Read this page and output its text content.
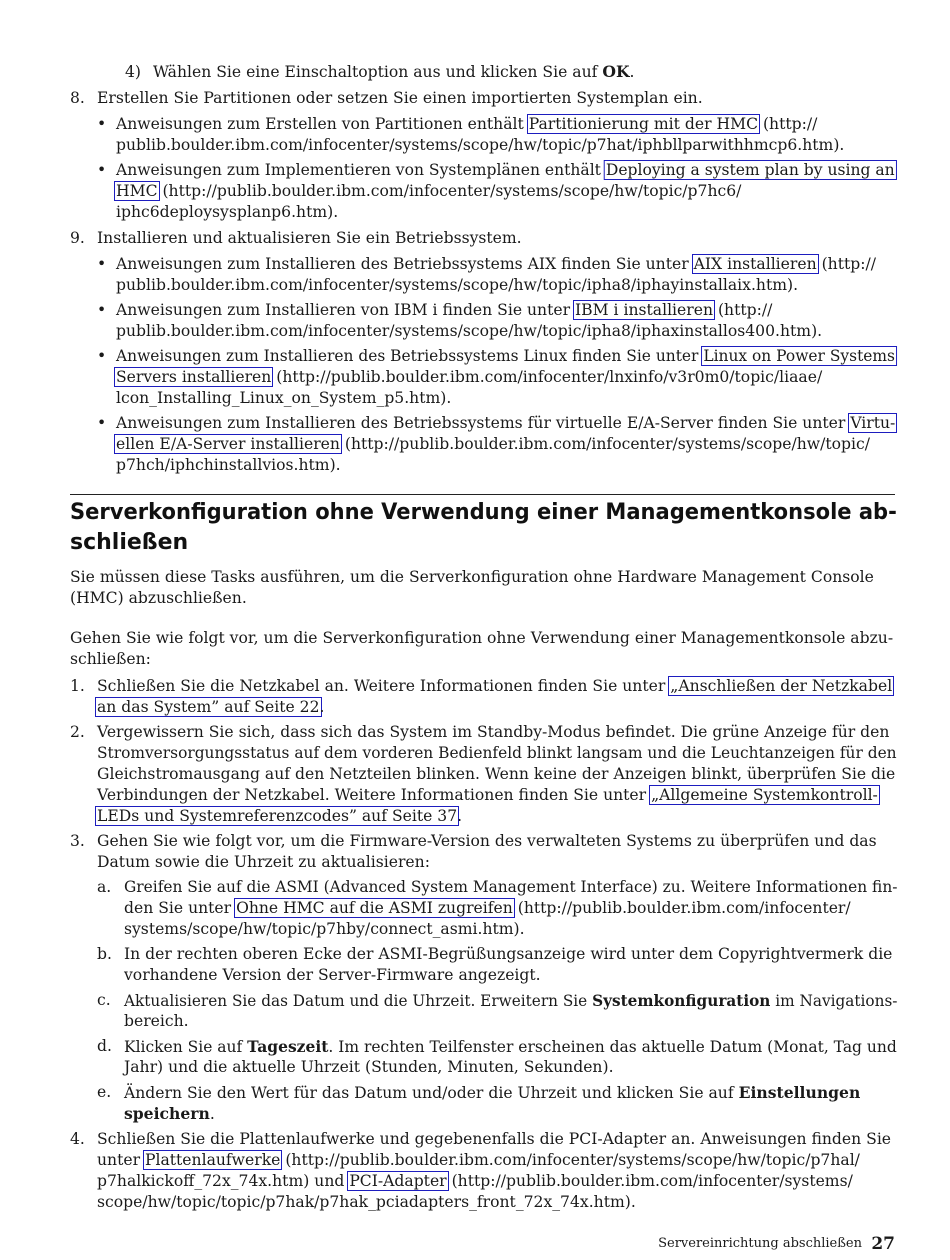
4) Wählen Sie eine Einschaltoption aus und klicken Sie auf OK.
8. Erstellen Sie Partitionen oder setzen Sie einen importierten Systemplan ein.
• Anweisungen zum Erstellen von Partitionen enthält Partitionierung mit der HMC (http://
publib.boulder.ibm.com/infocenter/systems/scope/hw/topic/p7hat/iphbllparwithhmcp6.htm).
• Anweisungen zum Implementieren von Systemplänen enthält Deploying a system plan by using an
HMC (http://publib.boulder.ibm.com/infocenter/systems/scope/hw/topic/p7hc6/
iphc6deploysysplanp6.htm).
9. Installieren und aktualisieren Sie ein Betriebssystem.
• Anweisungen zum Installieren des Betriebssystems AIX finden Sie unter AIX installieren (http://
publib.boulder.ibm.com/infocenter/systems/scope/hw/topic/ipha8/iphayinstallaix.htm).
• Anweisungen zum Installieren von IBM i finden Sie unter IBM i installieren (http://
publib.boulder.ibm.com/infocenter/systems/scope/hw/topic/ipha8/iphaxinstallos400.htm).
• Anweisungen zum Installieren des Betriebssystems Linux finden Sie unter Linux on Power Systems
Servers installieren (http://publib.boulder.ibm.com/infocenter/lnxinfo/v3r0m0/topic/liaae/
lcon_Installing_Linux_on_System_p5.htm).
• Anweisungen zum Installieren des Betriebssystems für virtuelle E/A-Server finden Sie unter Virtu-
ellen E/A-Server installieren (http://publib.boulder.ibm.com/infocenter/systems/scope/hw/topic/
p7hch/iphchinstallvios.htm).
Serverkonfiguration ohne Verwendung einer Managementkonsole ab-
schließen
Sie müssen diese Tasks ausführen, um die Serverkonfiguration ohne Hardware Management Console
(HMC) abzuschließen.
Gehen Sie wie folgt vor, um die Serverkonfiguration ohne Verwendung einer Managementkonsole abzu-
schließen:
1. Schließen Sie die Netzkabel an. Weitere Informationen finden Sie unter „Anschließen der Netzkabel
an das System” auf Seite 22.
2. Vergewissern Sie sich, dass sich das System im Standby-Modus befindet. Die grüne Anzeige für den
Stromversorgungsstatus auf dem vorderen Bedienfeld blinkt langsam und die Leuchtanzeigen für den
Gleichstromausgang auf den Netzteilen blinken. Wenn keine der Anzeigen blinkt, überprüfen Sie die
Verbindungen der Netzkabel. Weitere Informationen finden Sie unter „Allgemeine Systemkontroll-
LEDs und Systemreferenzcodes” auf Seite 37.
3. Gehen Sie wie folgt vor, um die Firmware-Version des verwalteten Systems zu überprüfen und das
Datum sowie die Uhrzeit zu aktualisieren:
a. Greifen Sie auf die ASMI (Advanced System Management Interface) zu. Weitere Informationen fin-
den Sie unter Ohne HMC auf die ASMI zugreifen (http://publib.boulder.ibm.com/infocenter/
systems/scope/hw/topic/p7hby/connect_asmi.htm).
b. In der rechten oberen Ecke der ASMI-Begrüßungsanzeige wird unter dem Copyrightvermerk die
vorhandene Version der Server-Firmware angezeigt.
c. Aktualisieren Sie das Datum und die Uhrzeit. Erweitern Sie Systemkonfiguration im Navigations-
bereich.
d. Klicken Sie auf Tageszeit. Im rechten Teilfenster erscheinen das aktuelle Datum (Monat, Tag und
Jahr) und die aktuelle Uhrzeit (Stunden, Minuten, Sekunden).
e. Ändern Sie den Wert für das Datum und/oder die Uhrzeit und klicken Sie auf Einstellungen
speichern.
4. Schließen Sie die Plattenlaufwerke und gegebenenfalls die PCI-Adapter an. Anweisungen finden Sie
unter Plattenlaufwerke (http://publib.boulder.ibm.com/infocenter/systems/scope/hw/topic/p7hal/
p7halkickoff_72x_74x.htm) und PCI-Adapter (http://publib.boulder.ibm.com/infocenter/systems/
scope/hw/topic/topic/p7hak/p7hak_pciadapters_front_72x_74x.htm).
Servereinrichtung abschließen 27
